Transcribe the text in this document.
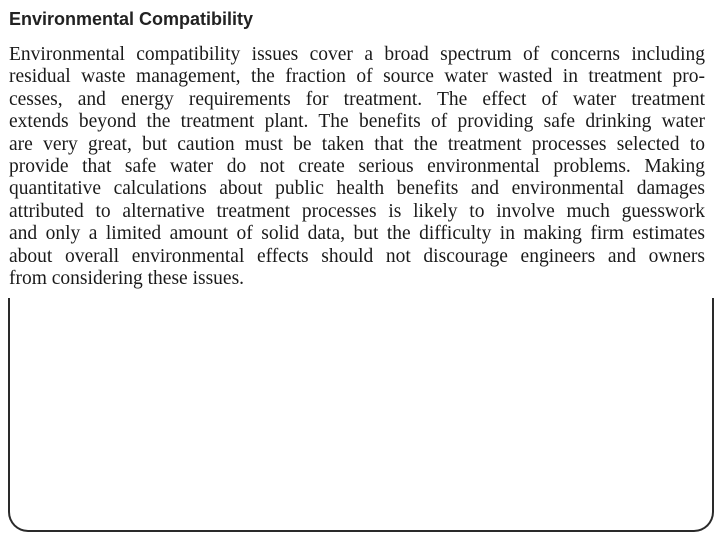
Environmental Compatibility
Environmental compatibility issues cover a broad spectrum of concerns including
residual waste management, the fraction of source water wasted in treatment pro-
cesses, and energy requirements for treatment. The effect of water treatment
extends beyond the treatment plant. The benefits of providing safe drinking water
are very great, but caution must be taken that the treatment processes selected to
provide that safe water do not create serious environmental problems. Making
quantitative calculations about public health benefits and environmental damages
attributed to alternative treatment processes is likely to involve much guesswork
and only a limited amount of solid data, but the difficulty in making firm estimates
about overall environmental effects should not discourage engineers and owners
from considering these issues.
